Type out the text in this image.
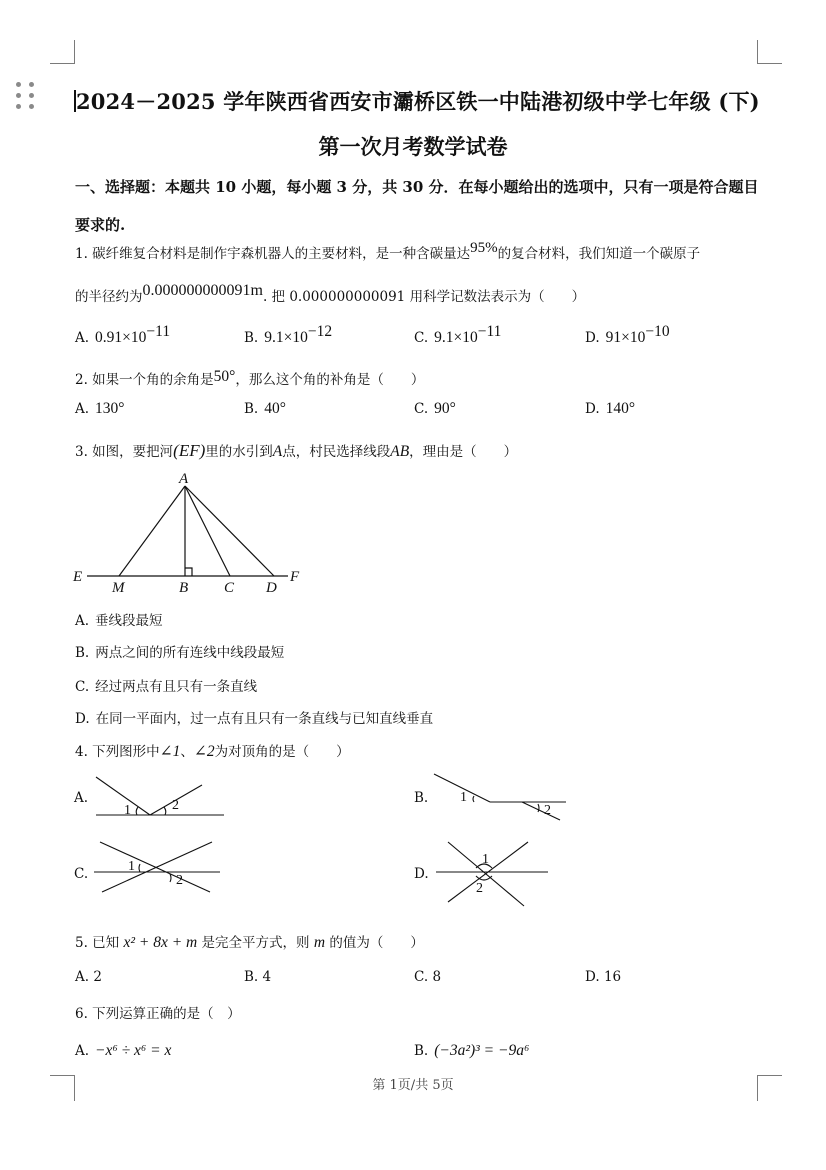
2024－2025 学年陕西省西安市灞桥区铁一中陆港初级中学七年级 (下)
第一次月考数学试卷
一、选择题：本题共 10 小题，每小题 3 分，共 30 分．在每小题给出的选项中，只有一项是符合题目要求的.
1. 碳纤维复合材料是制作宇森机器人的主要材料，是一种含碳量达95%的复合材料，我们知道一个碳原子
的半径约为0.000000000091m. 把 0.000000000091 用科学记数法表示为（　　）
A. $0.91\times 10^{-11}$	B. $9.1\times 10^{-12}$	C. $9.1\times 10^{-11}$	D. $91\times 10^{-10}$
2. 如果一个角的余角是50°，那么这个角的补角是（　　）
A. 130°	B. 40°	C. 90°	D. 140°
3. 如图，要把河(EF)里的水引到A点，村民选择线段AB，理由是（　　）
A
E
M	B C D
F
A. 垂线段最短
B. 两点之间的所有连线中线段最短
C. 经过两点有且只有一条直线
D. 在同一平面内，过一点有且只有一条直线与已知直线垂直
4. 下列图形中∠1、∠2为对顶角的是（　　）
A.
1	2	B. 1
2
C.	1
2	D.
1
2
5. 已知 x² + 8x + m 是完全平方式，则 m 的值为（　　）
A. 2	B. 4	C. 8	D. 16
6. 下列运算正确的是（　）
A. −x⁶ ÷ x⁶ = x	B. (−3a²)³ = −9a⁶
第 1页/共 5页
